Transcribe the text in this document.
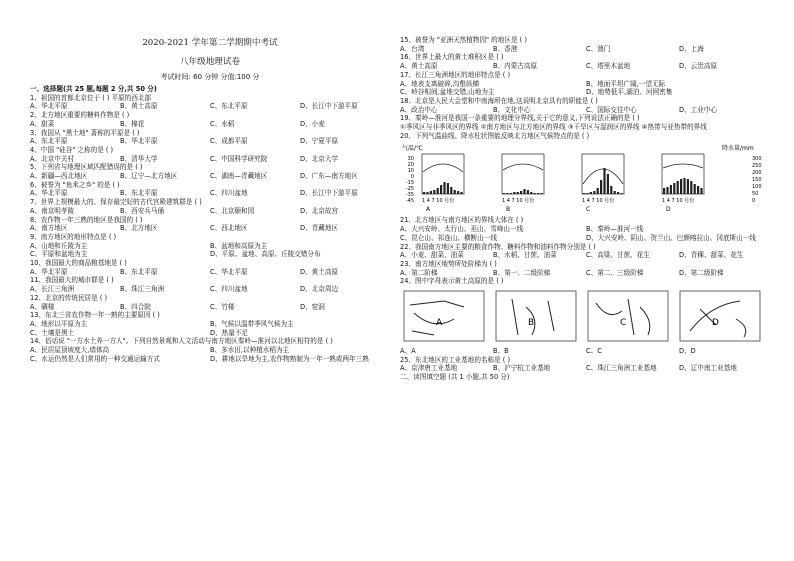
2020-2021 学年第二学期期中考试
八年级地理试卷
考试时间: 60 分钟 分值:100 分
一、选择题(共 25 题,每题 2 分,共 50 分)
1、祖国的首都北京位于 ( ) 平原的西北部
A、华北平原	B、黄土高原	C、东北平原	D、长江中下游平原
2、北方地区重要的糖料作物是 ( )
A、甜菜	B、棉花	C、水稻	D、小麦
3、我国从 "黑土地" 著称的平原是 ( )
A、东北平原	B、华北平原	C、成都平原	D、宁夏平原
4、中国 "硅谷" 之称的是 ( )
A、北京中关村	B、清华大学	C、中国科学研究院	D、北京大学
5、下列省与地理区域匹配错误的是 ( )
A、新疆—西北地区	B、辽宁—北方地区	C、湖南—青藏地区	D、广东—南方地区
6、被誉为 "鱼米之乡" 的是 ( )
A、华北平原	B、东北平原	C、四川盆地	D、长江中下游平原
7、世界上规模最大的、保存最完好的古代宫殿建筑群是 ( )
A、南京明孝陵	B、西安兵马俑	C、北京颐和园	D、北京故宫
8、农作物一年三熟的地区是我国的 ( )
A、南方地区	B、北方地区	C、西北地区	D、青藏地区
9、南方地区的地形特点是 ( )
A、山地和丘陵为主	B、盆地和高原为主
C、平原和盆地为主	D、平原、盆地、高原、丘陵交错分布
10、我国最大的商品粮基地是 ( )
A、华北平原	B、东北平原	C、华北平原	D、黄土高原
11、我国最大的城市群是 ( )
A、长江三角洲	B、珠江三角洲	C、四川盆地	D、北京周边
12、北京的传统民居是 ( )
A、碉楼	B、四合院	C、竹楼	D、窑洞
13、东北三省农作物一年一熟的主要原因 ( )
A、地形以平原为主	B、气候以温带季风气候为主
C、土壤是黑土	D、热量不足
14、俗话说 "一方水土养一方人"。下列自然景观和人文活动与南方地区秦岭—淮河以北地区相符的是 ( )
A、民居屋顶坡度大,墙体高	B、多水田,以种植水稻为主
C、水运仍然是人们常用的一种交通运输方式	D、耕地以旱地为主,农作物熟制为一年一熟或两年三熟
15、被誉为 "亚洲天然植物园" 的地区是 ( )
A、台湾	B、香港	C、澳门	D、上海
16、世界上最大的黄土堆积区是 ( )
A、黄土高原	B、内蒙古高原	C、塔里木盆地	D、云贵高原
17、长江三角洲地区的地形特点是 ( )
A、地表支离破碎,沟壑纵横	B、地面平坦广阔,一望无际
C、岭谷相间,盆地交错,山地为主	D、地势低平,湖泊、河网密集
18、北京是人民大会堂和中南海所在地,这说明北京具有的职能是 ( )
A、政治中心	B、文化中心	C、国际交往中心	D、工业中心
19、秦岭—淮河是我国一条重要的地理分界线,关于它的意义,下列说法正确的是 ( )
①季风区与非季风区的界线 ②南方地区与北方地区的界线 ③干旱区与湿润区的界线 ④热带与亚热带的界线
20、下列气温曲线、降水柱状图能反映北方地区气候特点的是 ( )
气温/℃	降水量/mm
30
20
10
0
-15
-25
-35
-45
300
250
200
150
100
50
0
1 4 7 10 月份
A
1 4 7 10 月份
B
1 4 7 10 月份
C
1 4 7 10 月份
D
21、北方地区与南方地区的界线大体在 ( )
A、大兴安岭、太行山、巫山、雪峰山一线	B、秦岭—淮河一线
C、昆仑山、祁连山、横断山一线	D、大兴安岭、阴山、贺兰山、巴颜喀拉山、冈底斯山一线
22、我国南方地区主要的粮食作物、糖料作物和油料作物分别是 ( )
A、小麦、甜菜、油菜	B、水稻、甘蔗、油菜	C、高粱、甘蔗、花生	D、青稞、甜菜、花生
23、南方地区地势所处阶梯为 ( )
A、第二阶梯	B、第一、二级阶梯	C、第二、三级阶梯	D、第二级阶梯
24、图中字母表示黄土高原的是 ( )
A	B	C	D
A、A	B、B	C、C	D、D
25、东北地区的工业基地的名称是 ( )
A、京津唐工业基地	B、沪宁杭工业基地	C、珠江三角洲工业基地	D、辽中南工业基地
二、读图填空题 (共 1 小题,共 50 分)
